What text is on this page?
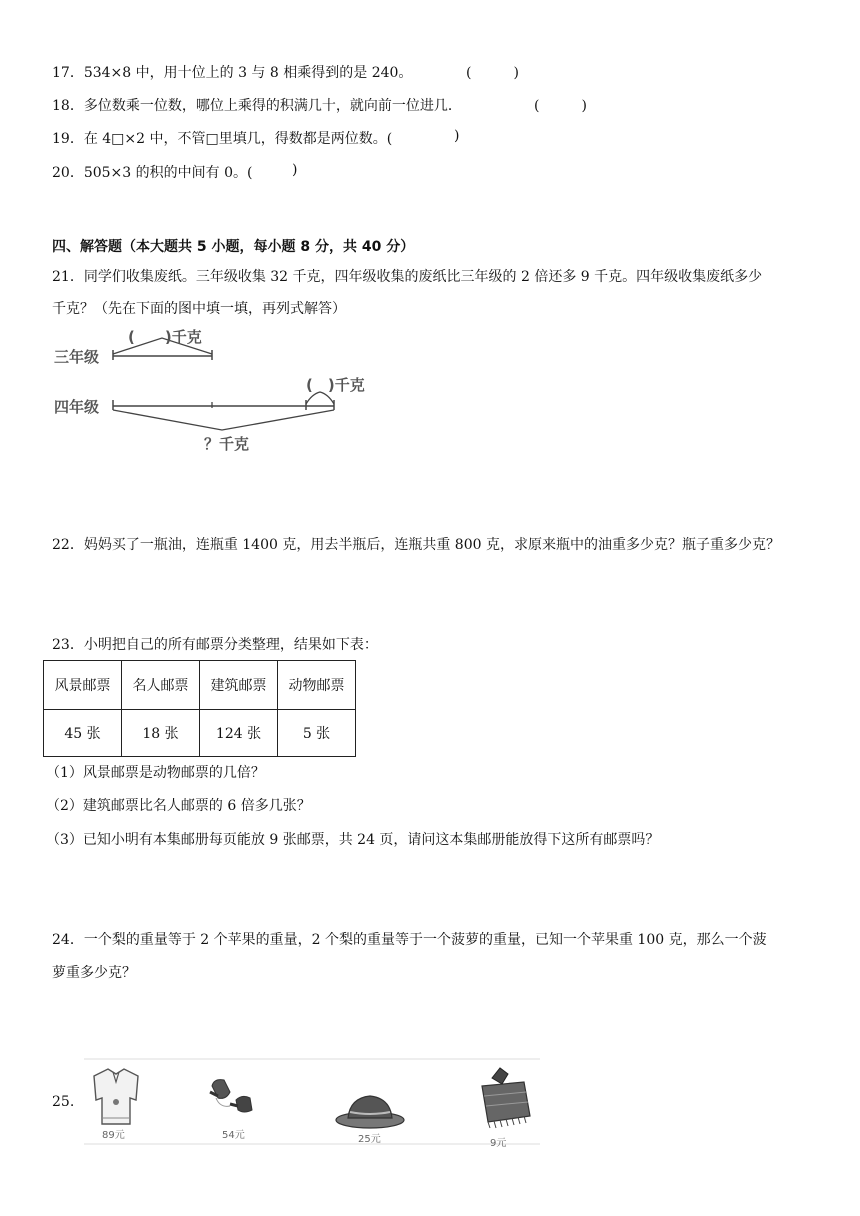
17．534×8 中，用十位上的 3 与 8 相乘得到的是 240。	(　　　)
18．多位数乘一位数，哪位上乘得的积满几十，就向前一位进几．	(　　　)
19．在 4□×2 中，不管□里填几，得数都是两位数。(	)
20．505×3 的积的中间有 0。(	)
四、解答题（本大题共 5 小题，每小题 8 分，共 40 分）
21．同学们收集废纸。三年级收集 32 千克，四年级收集的废纸比三年级的 2 倍还多 9 千克。四年级收集废纸多少
千克？（先在下面的图中填一填，再列式解答）
三年级
(　　)千克
四年级
(　)千克
？千克
22．妈妈买了一瓶油，连瓶重 1400 克，用去半瓶后，连瓶共重 800 克，求原来瓶中的油重多少克？瓶子重多少克？
23．小明把自己的所有邮票分类整理，结果如下表：
风景邮票	名人邮票	建筑邮票	动物邮票
45 张	18 张	124 张	5 张
（1）风景邮票是动物邮票的几倍？
（2）建筑邮票比名人邮票的 6 倍多几张？
（3）已知小明有本集邮册每页能放 9 张邮票，共 24 页，请问这本集邮册能放得下这所有邮票吗？
24．一个梨的重量等于 2 个苹果的重量，2 个梨的重量等于一个菠萝的重量，已知一个苹果重 100 克，那么一个菠
萝重多少克？
25.
89元	54元	25元	9元
